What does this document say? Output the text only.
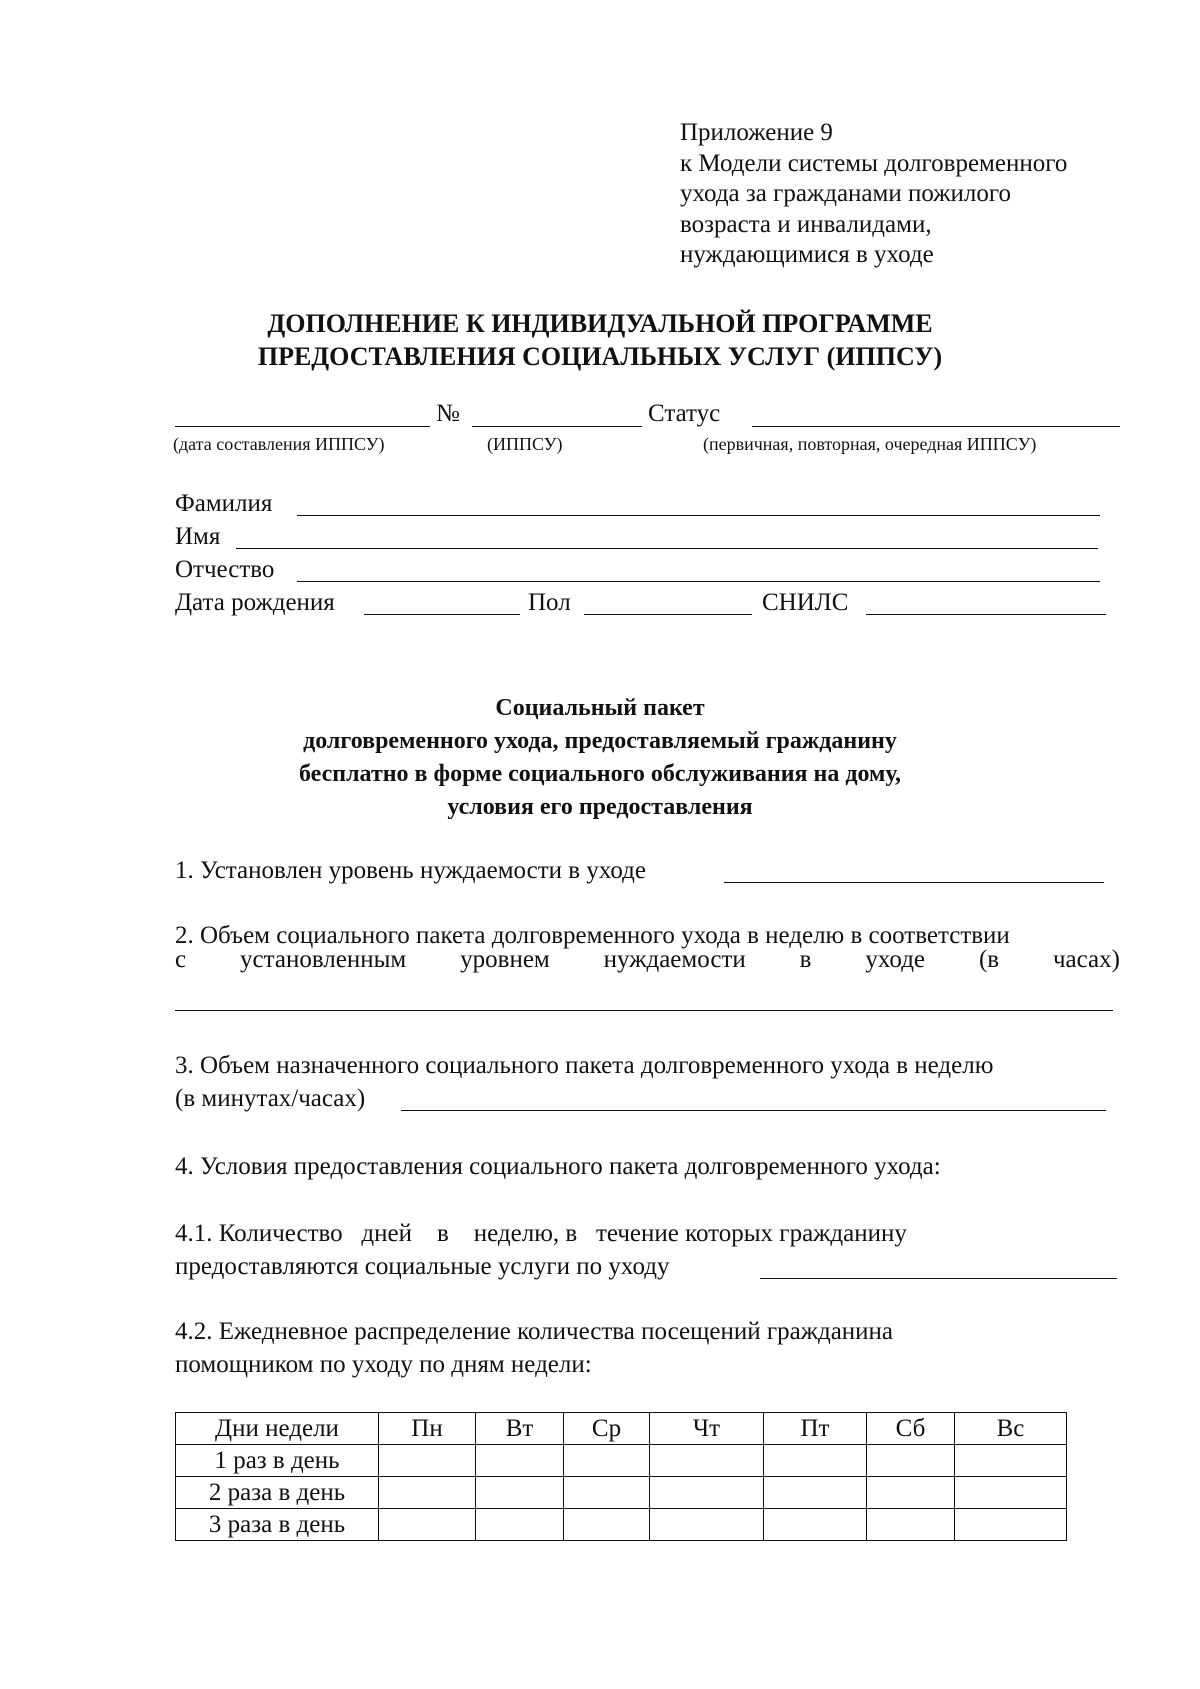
Приложение 9
к Модели системы долговременного
ухода за гражданами пожилого
возраста и инвалидами,
нуждающимися в уходе
ДОПОЛНЕНИЕ К ИНДИВИДУАЛЬНОЙ ПРОГРАММЕ
ПРЕДОСТАВЛЕНИЯ СОЦИАЛЬНЫХ УСЛУГ (ИППСУ)
№	Статус
(дата составления ИППСУ)	(ИППСУ)	(первичная, повторная, очередная ИППСУ)
Фамилия
Имя
Отчество
Дата рождения	Пол	СНИЛС
Социальный пакет
долговременного ухода, предоставляемый гражданину
бесплатно в форме социального обслуживания на дому,
условия его предоставления
1. Установлен уровень нуждаемости в уходе
2. Объем социального пакета долговременного ухода в неделю в соответствии
с установленным уровнем нуждаемости в уходе (в часах)
3. Объем назначенного социального пакета долговременного ухода в неделю
(в минутах/часах)
4. Условия предоставления социального пакета долговременного ухода:
4.1. Количество   дней    в    неделю, в   течение которых гражданину
предоставляются социальные услуги по уходу
4.2. Ежедневное распределение количества посещений гражданина
помощником по уходу по дням недели:
Дни недели	Пн	Вт	Ср	Чт	Пт	Сб	Вс
1 раз в день							
2 раза в день							
3 раза в день							
